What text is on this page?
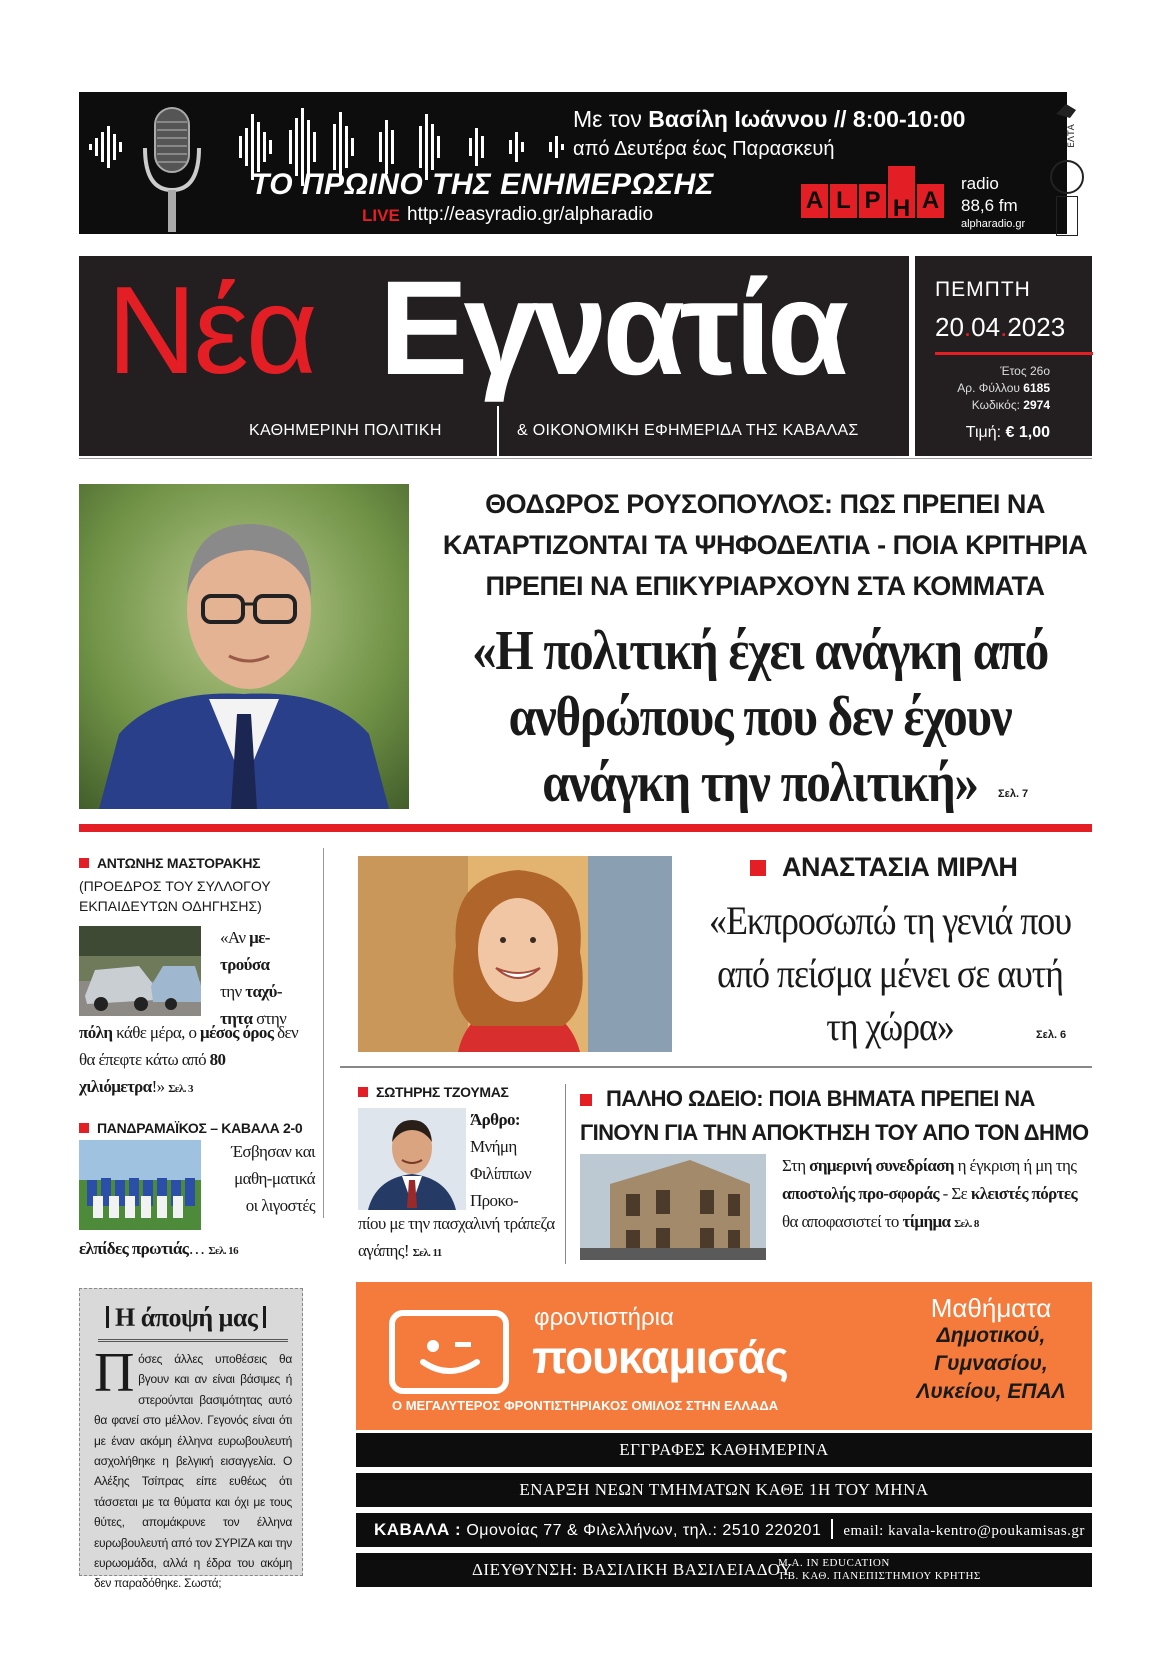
Με τον Βασίλη Ιωάννου // 8:00-10:00
από Δευτέρα έως Παρασκευή
ΤΟ ΠΡΩΙΝΟ ΤΗΣ ΕΝΗΜΕΡΩΣΗΣ
LIVE http://easyradio.gr/alpharadio
A L P H A
radio
88,6 fm
alpharadio.gr
ΕΛΤΑ
Νέα Εγνατία
ΚΑΘΗΜΕΡΙΝΗ ΠΟΛΙΤΙΚΗ	& ΟΙΚΟΝΟΜΙΚΗ ΕΦΗΜΕΡΙΔΑ ΤΗΣ ΚΑΒΑΛΑΣ
ΠΕΜΠΤΗ
20.04.2023
Έτος 26ο
Αρ. Φύλλου 6185
Κωδικός: 2974
Τιμή: € 1,00
ΘΟΔΩΡΟΣ ΡΟΥΣΟΠΟΥΛΟΣ: ΠΩΣ ΠΡΕΠΕΙ ΝΑ ΚΑΤΑΡΤΙΖΟΝΤΑΙ ΤΑ ΨΗΦΟΔΕΛΤΙΑ - ΠΟΙΑ ΚΡΙΤΗΡΙΑ ΠΡΕΠΕΙ ΝΑ ΕΠΙΚΥΡΙΑΡΧΟΥΝ ΣΤΑ ΚΟΜΜΑΤΑ
«Η πολιτική έχει ανάγκη από ανθρώπους που δεν έχουν ανάγκη την πολιτική»	Σελ. 7
ΑΝΤΩΝΗΣ ΜΑΣΤΟΡΑΚΗΣ
(ΠΡΟΕΔΡΟΣ ΤΟΥ ΣΥΛΛΟΓΟΥ ΕΚΠΑΙΔΕΥΤΩΝ ΟΔΗΓΗΣΗΣ)
«Αν με-
τρούσα
την ταχύ-
τητα στην
πόλη κάθε μέρα, ο μέσος όρος δεν θα έπεφτε κάτω από 80 χιλιόμετρα!» Σελ. 3
ΠΑΝΔΡΑΜΑΪΚΟΣ – ΚΑΒΑΛΑ 2-0
Έσβησαν και μαθη-ματικά οι λιγοστές
ελπίδες πρωτιάς… Σελ. 16
Η άποψή μας
Πόσες άλλες υποθέσεις θα βγουν και αν είναι βάσιμες ή στερούνται βασιμότητας αυτό θα φανεί στο μέλλον. Γεγονός είναι ότι με έναν ακόμη έλληνα ευρωβουλευτή ασχολήθηκε η βελγική εισαγγελία. Ο Αλέξης Τσίπρας είπε ευθέως ότι τάσσεται με τα θύματα και όχι με τους θύτες, απομάκρυνε τον έλληνα ευρωβουλευτή από τον ΣΥΡΙΖΑ και την ευρωομάδα, αλλά η έδρα του ακόμη δεν παραδόθηκε. Σωστά;
ΑΝΑΣΤΑΣΙΑ ΜΙΡΛΗ
«Εκπροσωπώ τη γενιά που από πείσμα μένει σε αυτή τη χώρα»	Σελ. 6
ΣΩΤΗΡΗΣ ΤΖΟΥΜΑΣ
Άρθρο: Μνήμη Φιλίππων Προκο-
πίου με την πασχαλινή τράπεζα αγάπης! Σελ. 11
ΠΑΛΗΟ ΩΔΕΙΟ: ΠΟΙΑ ΒΗΜΑΤΑ ΠΡΕΠΕΙ ΝΑ ΓΙΝΟΥΝ ΓΙΑ ΤΗΝ ΑΠΟΚΤΗΣΗ ΤΟΥ ΑΠΟ ΤΟΝ ΔΗΜΟ
Στη σημερινή συνεδρίαση η έγκριση ή μη της αποστολής προ-σφοράς - Σε κλειστές πόρτες θα αποφασιστεί το τίμημα Σελ. 8
φροντιστήρια
πουκαμισάς
Ο ΜΕΓΑΛΥΤΕΡΟΣ ΦΡΟΝΤΙΣΤΗΡΙΑΚΟΣ ΟΜΙΛΟΣ ΣΤΗΝ ΕΛΛΑΔΑ
Μαθήματα
Δημοτικού,
Γυμνασίου,
Λυκείου, ΕΠΑΛ
ΕΓΓΡΑΦΕΣ ΚΑΘΗΜΕΡΙΝΑ
ΕΝΑΡΞΗ ΝΕΩΝ ΤΜΗΜΑΤΩΝ ΚΑΘΕ 1Η ΤΟΥ ΜΗΝΑ
ΚΑΒΑΛΑ : Ομονοίας 77 & Φιλελλήνων, τηλ.: 2510 220201 email: kavala-kentro@poukamisas.gr
ΔΙΕΥΘΥΝΣΗ: ΒΑΣΙΛΙΚΗ ΒΑΣΙΛΕΙΑΔΟΥ
M.A. IN EDUCATION
Τ.Β. ΚΑΘ. ΠΑΝΕΠΙΣΤΗΜΙΟΥ ΚΡΗΤΗΣ
